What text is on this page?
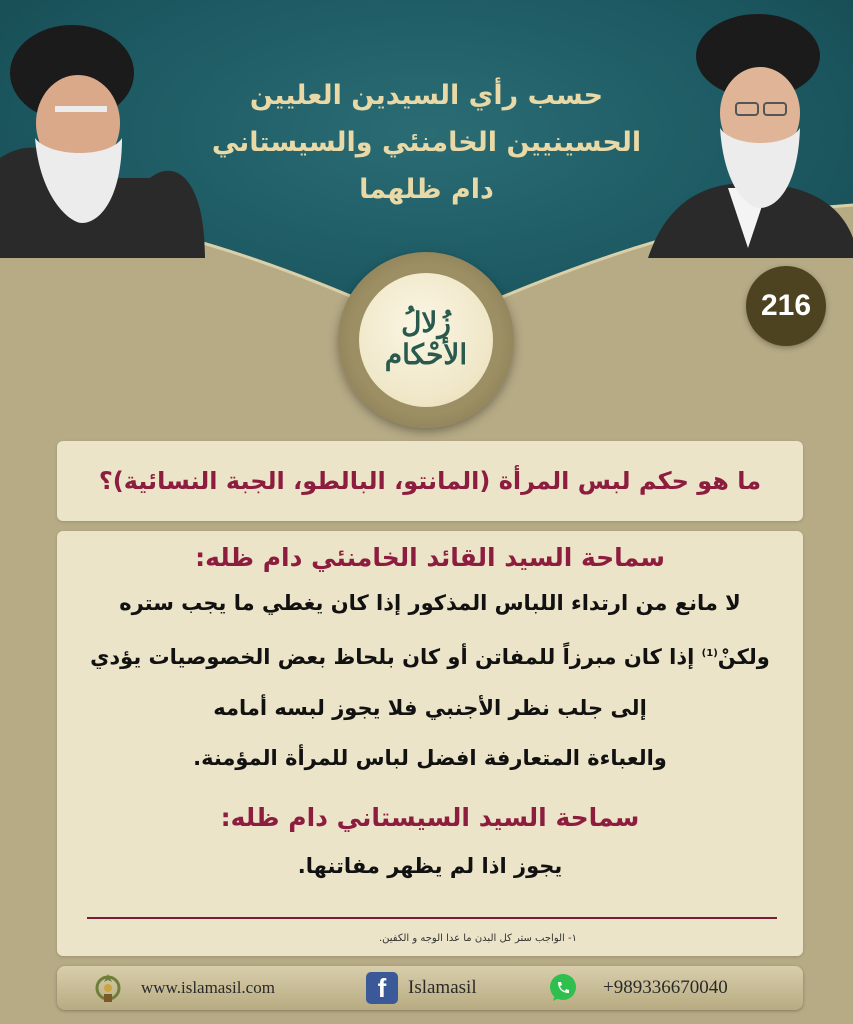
حسب رأي السيدين العليين
الحسينيين الخامنئي والسيستاني
دام ظلهما
زُلالُ
الأحْكام
216
ما هو حكم لبس المرأة (المانتو، البالطو، الجبة النسائية)؟
سماحة السيد القائد الخامنئي دام ظله:
لا مانع من ارتداء اللباس المذكور إذا كان يغطي ما يجب ستره
ولكنْ$^{(1)}$ إذا كان مبرزاً للمفاتن أو كان بلحاظ بعض الخصوصيات يؤدي
إلى جلب نظر الأجنبي فلا يجوز لبسه أمامه
والعباءة المتعارفة افضل لباس للمرأة المؤمنة.
سماحة السيد السيستاني دام ظله:
يجوز اذا لم يظهر مفاتنها.
١- الواجب ستر كل البدن ما عدا الوجه و الكفين.
www.islamasil.com	f	Islamasil	+989336670040
